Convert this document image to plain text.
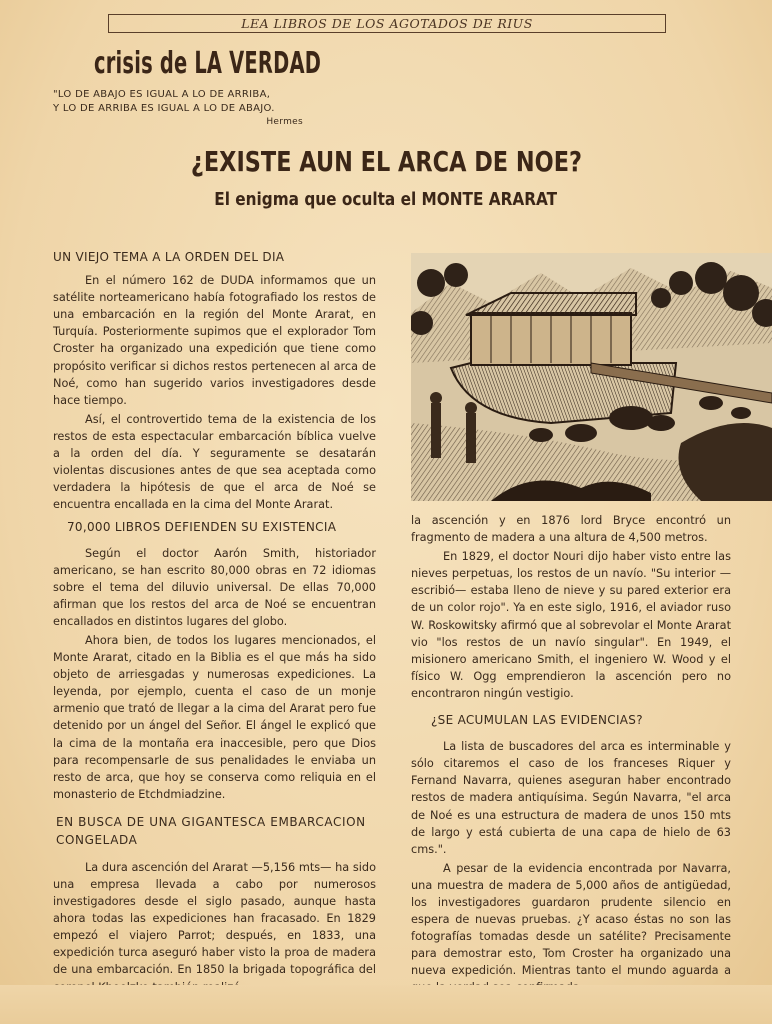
LEA LIBROS DE LOS AGOTADOS DE RIUS
crisis de LA VERDAD
"LO DE ABAJO ES IGUAL A LO DE ARRIBA,
Y LO DE ARRIBA ES IGUAL A LO DE ABAJO.
Hermes
¿EXISTE AUN EL ARCA DE NOE?
El enigma que oculta el MONTE ARARAT
UN VIEJO TEMA A LA ORDEN DEL DIA

En el número 162 de DUDA informamos que un satélite norteamericano había fotografiado los restos de una embarcación en la región del Monte Ararat, en Turquía. Posteriormente supimos que el explorador Tom Croster ha organizado una expedición que tiene como propósito verificar si dichos restos pertenecen al arca de Noé, como han sugerido varios investigadores desde hace tiempo.

Así, el controvertido tema de la existencia de los restos de esta espectacular embarcación bíblica vuelve a la orden del día. Y seguramente se desatarán violentas discusiones antes de que sea aceptada como verdadera la hipótesis de que el arca de Noé se encuentra encallada en la cima del Monte Ararat.

70,000 LIBROS DEFIENDEN SU EXISTENCIA

Según el doctor Aarón Smith, historiador americano, se han escrito 80,000 obras en 72 idiomas sobre el tema del diluvio universal. De ellas 70,000 afirman que los restos del arca de Noé se encuentran encallados en distintos lugares del globo.

Ahora bien, de todos los lugares mencionados, el Monte Ararat, citado en la Biblia es el que más ha sido objeto de arriesgadas y numerosas expediciones. La leyenda, por ejemplo, cuenta el caso de un monje armenio que trató de llegar a la cima del Ararat pero fue detenido por un ángel del Señor. El ángel le explicó que la cima de la montaña era inaccesible, pero que Dios para recompensarle de sus penalidades le enviaba un resto de arca, que hoy se conserva como reliquia en el monasterio de Etchdmiadzine.

EN BUSCA DE UNA GIGANTESCA EMBARCACION CONGELADA

La dura ascención del Ararat —5,156 mts— ha sido una empresa llevada a cabo por numerosos investigadores desde el siglo pasado, aunque hasta ahora todas las expediciones han fracasado. En 1829 empezó el viajero Parrot; después, en 1833, una expedición turca aseguró haber visto la proa de madera de una embarcación. En 1850 la brigada topográfica del

la ascención y en 1876 lord Bryce encontró un fragmento de madera a una altura de 4,500 metros.

En 1829, el doctor Nouri dijo haber visto entre las nieves perpetuas, los restos de un navío. "Su interior —escribió— estaba lleno de nieve y su pared exterior era de un color rojo". Ya en este siglo, 1916, el aviador ruso W. Roskowitsky afirmó que al sobrevolar el Monte Ararat vio "los restos de un navío singular". En 1949, el misionero americano Smith, el ingeniero W. Wood y el físico W. Ogg emprendieron la ascención pero no encontraron ningún vestigio.

¿SE ACUMULAN LAS EVIDENCIAS?

La lista de buscadores del arca es interminable y sólo citaremos el caso de los franceses Riquer y Fernand Navarra, quienes aseguran haber encontrado restos de madera antiquísima. Según Navarra, "el arca de Noé es una estructura de madera de unos 150 mts de largo y está cubierta de una capa de hielo de 63 cms.".

A pesar de la evidencia encontrada por Navarra, una muestra de madera de 5,000 años de antigüedad, los investigadores guardaron prudente silencio en espera de nuevas pruebas. ¿Y acaso éstas no son las fotografías tomadas desde un satélite? Precisamente para demostrar esto, Tom Croster ha organizado una nueva expedición. Mientras tanto el mundo aguarda a
